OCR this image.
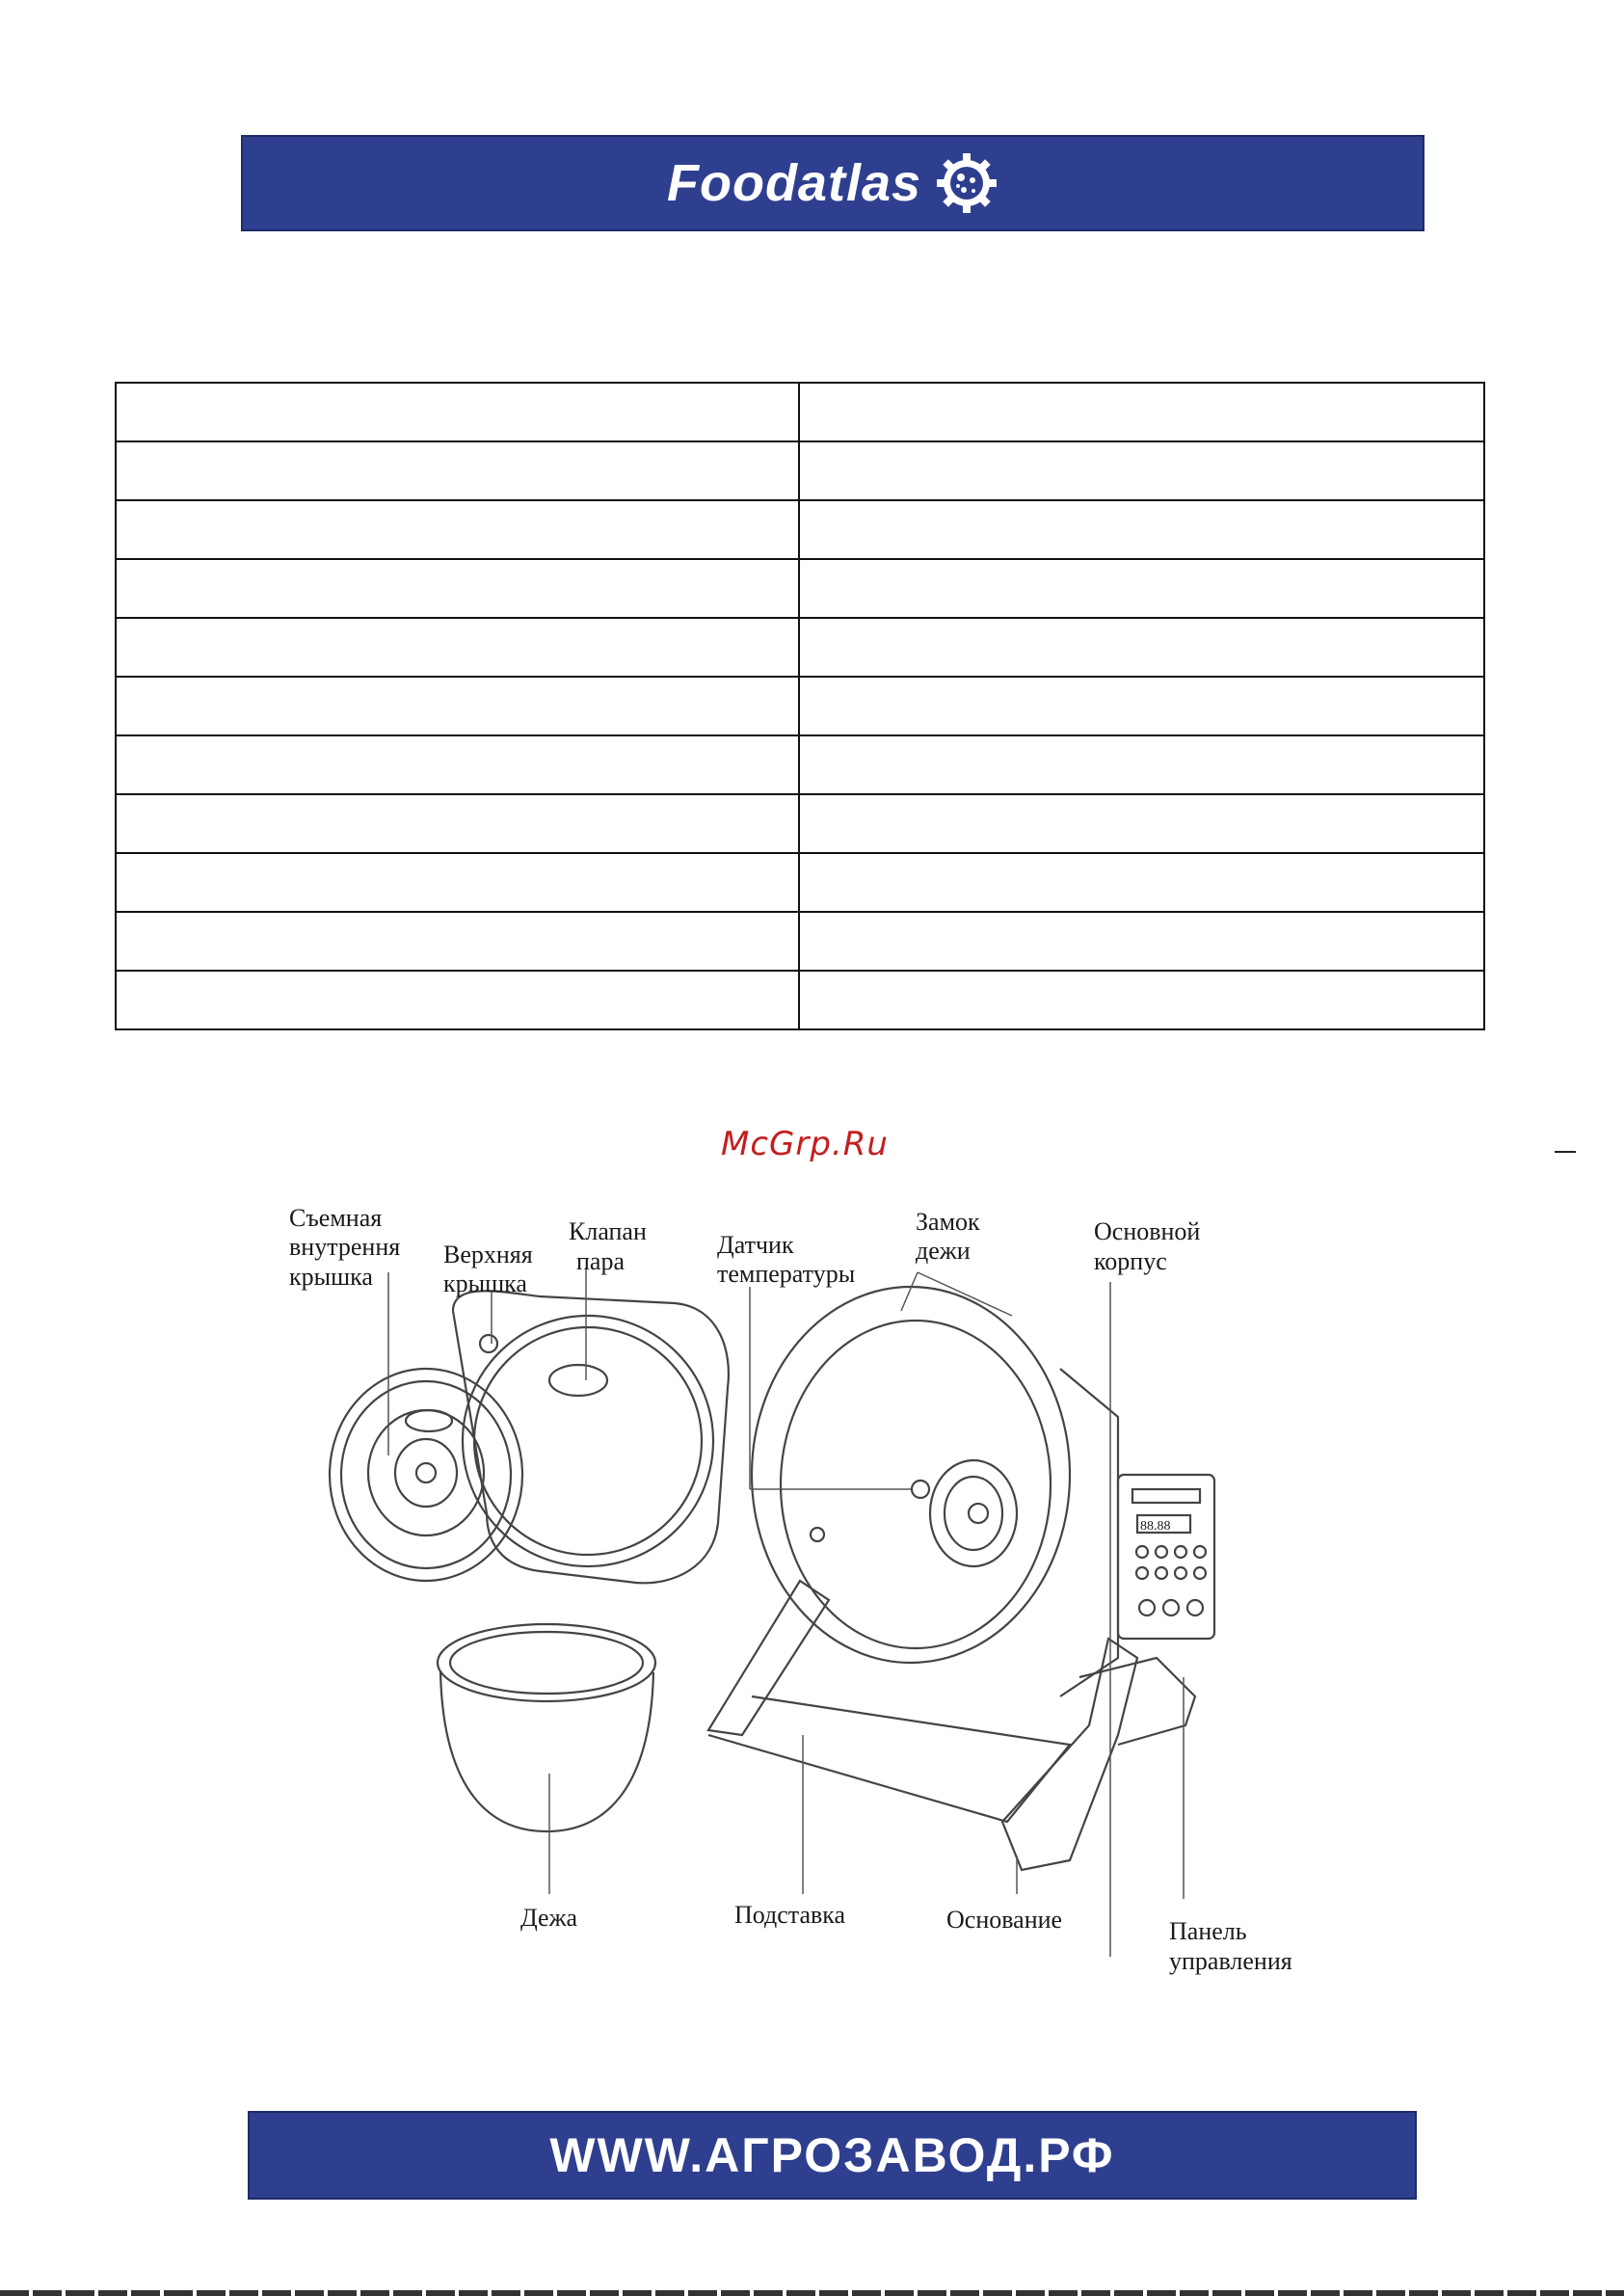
Foodatlas

McGrp.Ru
88.88
Съемная
внутрення
крышка
Верхняя
крышка
Клапан
пара
Датчик
температуры
Замок
дежи
Основной
корпус
Дежа	Подставка	Основание	Панель
управления
WWW.АГРОЗАВОД.РФ
